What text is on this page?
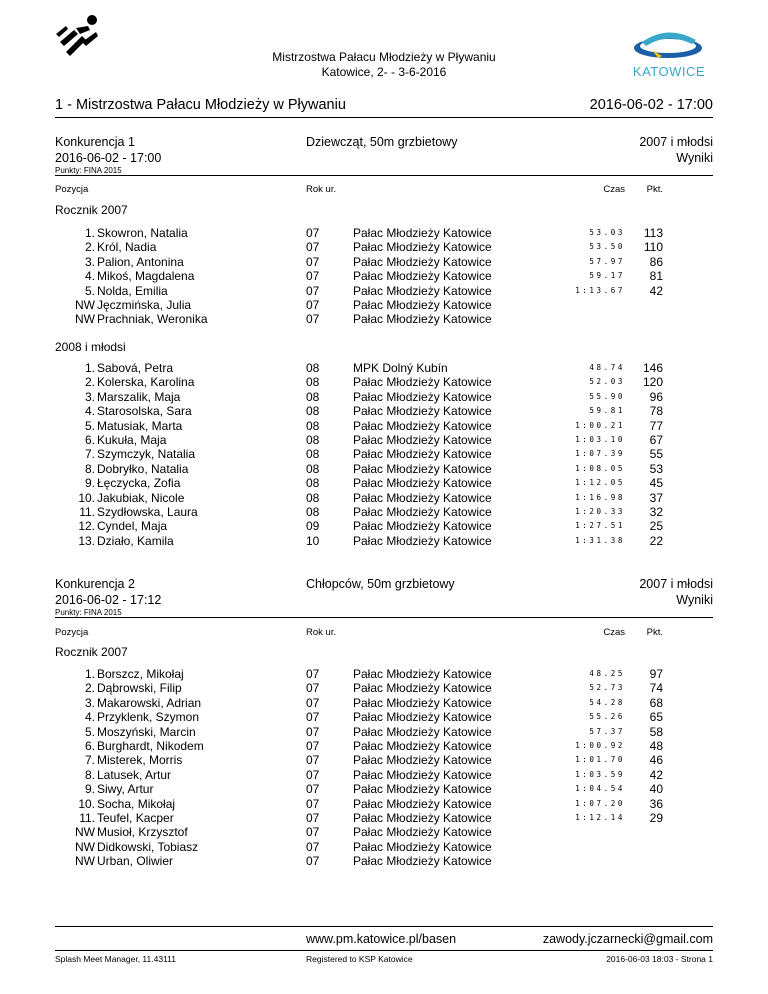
Mistrzostwa Pałacu Młodzieży w Pływaniu
Katowice, 2- - 3-6-2016	KATOWICE
1 - Mistrzostwa Pałacu Młodzieży w Pływaniu	2016-06-02 - 17:00
Konkurencja 1
2016-06-02 - 17:00
Dziewcząt, 50m grzbietowy	2007 i młodsi
Wyniki
Punkty: FINA 2015
Pozycja	Rok ur.	Czas	Pkt.
Rocznik 2007
1. Skowron, Natalia	07	Pałac Młodzieży Katowice	53.03	113
2. Król, Nadia	07	Pałac Młodzieży Katowice	53.50	110
3. Palion, Antonina	07	Pałac Młodzieży Katowice	57.97	86
4. Mikoś, Magdalena	07	Pałac Młodzieży Katowice	59.17	81
5. Nolda, Emilia	07	Pałac Młodzieży Katowice	1:13.67	42
NW Jęczmińska, Julia	07	Pałac Młodzieży Katowice
NW Prachniak, Weronika	07	Pałac Młodzieży Katowice
2008 i młodsi
1. Sabová, Petra	08	MPK Dolný Kubín	48.74	146
2. Kolerska, Karolina	08	Pałac Młodzieży Katowice	52.03	120
3. Marszalik, Maja	08	Pałac Młodzieży Katowice	55.90	96
4. Starosolska, Sara	08	Pałac Młodzieży Katowice	59.81	78
5. Matusiak, Marta	08	Pałac Młodzieży Katowice	1:00.21	77
6. Kukuła, Maja	08	Pałac Młodzieży Katowice	1:03.10	67
7. Szymczyk, Natalia	08	Pałac Młodzieży Katowice	1:07.39	55
8. Dobryłko, Natalia	08	Pałac Młodzieży Katowice	1:08.05	53
9. Łęczycka, Zofia	08	Pałac Młodzieży Katowice	1:12.05	45
10. Jakubiak, Nicole	08	Pałac Młodzieży Katowice	1:16.98	37
11. Szydłowska, Laura	08	Pałac Młodzieży Katowice	1:20.33	32
12. Cyndel, Maja	09	Pałac Młodzieży Katowice	1:27.51	25
13. Działo, Kamila	10	Pałac Młodzieży Katowice	1:31.38	22
Konkurencja 2
2016-06-02 - 17:12
Chłopców, 50m grzbietowy	2007 i młodsi
Wyniki
Punkty: FINA 2015
Pozycja	Rok ur.	Czas	Pkt.
Rocznik 2007
1. Borszcz, Mikołaj	07	Pałac Młodzieży Katowice	48.25	97
2. Dąbrowski, Filip	07	Pałac Młodzieży Katowice	52.73	74
3. Makarowski, Adrian	07	Pałac Młodzieży Katowice	54.28	68
4. Przyklenk, Szymon	07	Pałac Młodzieży Katowice	55.26	65
5. Moszyński, Marcin	07	Pałac Młodzieży Katowice	57.37	58
6. Burghardt, Nikodem	07	Pałac Młodzieży Katowice	1:00.92	48
7. Misterek, Morris	07	Pałac Młodzieży Katowice	1:01.70	46
8. Latusek, Artur	07	Pałac Młodzieży Katowice	1:03.59	42
9. Siwy, Artur	07	Pałac Młodzieży Katowice	1:04.54	40
10. Socha, Mikołaj	07	Pałac Młodzieży Katowice	1:07.20	36
11. Teufel, Kacper	07	Pałac Młodzieży Katowice	1:12.14	29
NW Musioł, Krzysztof	07	Pałac Młodzieży Katowice
NW Didkowski, Tobiasz	07	Pałac Młodzieży Katowice
NW Urban, Oliwier	07	Pałac Młodzieży Katowice
www.pm.katowice.pl/basen	zawody.jczarnecki@gmail.com
Splash Meet Manager, 11.43111	Registered to KSP Katowice	2016-06-03 18:03 - Strona 1
